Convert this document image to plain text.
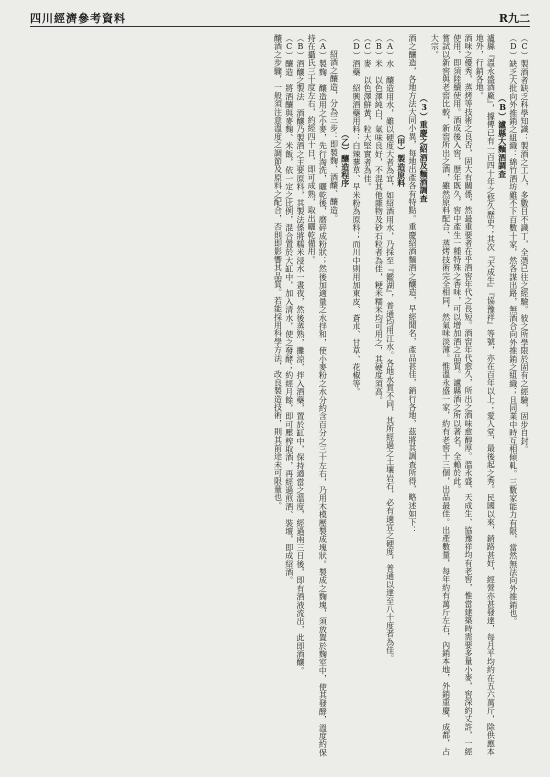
四川經濟參考資料	R九二

（C）製酒者缺乏科學知識：製酒之工人，多數目不識丁，全憑已往之經驗。彼之所學限於固有之經驗，固步自封。

（D）缺乏大批向外推銷之組織：綿竹酒坊雖不下百數十家，然各謀出路，無酒合向外推銷之組織；且同業中時互相傾軋。三數家能力有限，當然無法向外推銷也。

（B）瀘縣大麵酒調查

瀘縣『溫永盛酒廠』，據傳已有一百四十年之悠久歷史；其次『天成生』『協豫祥』等號，亦在百年以上；愛人堂，最後起之秀。民國以來，銷路甚好，經營亦甚發達，每月平均約在五六萬斤，除供應本地外，行銷各地。

酒味之優秀，蒸烤等技術之良否，固大有關係，然最重要者在乎酒窖年代之長短。酒窖年代愈久，所出之酒味愈醇厚。溫永盛、天成生、協豫祥均有老窖，惟當建築時需要多量小麥，窖深約丈許，一經使用，即須陸續使用。酒成後入窖，歷年既久，窖中產生一種特殊之香味，可以增加酒之品質。瀘縣酒之所以著名，全賴於此。

嘗試以新窖與老窖比較，新窖所出之酒，雖然原料配合、蒸烤技術完全相同，然氣味淡薄。惟溫永盛一家，約有老窖十三個，出品最佳。出產數量，每年約有萬斤左右，內銷本地，外銷重慶、成都，占大宗。

（3）重慶之紹酒及麵酒調查

酒之釀造，各地方法大同小異，每地出產各有特點。重慶紹酒麵酒之釀造，早經聞名，產品甚佳，銷行各地，茲將其調查所得，略述如下：

（甲）製造原料

（A）水　釀造用水，雖以硬度大者為宜，如紹酒用水，乃採至『鑑湖』，普通均用江水。各地水質不同，其所經過之土壤岩石，必有適宜之硬度，普通以達至八十度者為佳。

（B）米　以色澤純白，氣味良好，不混其他雜物及砂石粒者為佳，粳米糯米均可用之，其硬度須高。

（C）麥　以色澤鮮黃，粒大堅實者為佳。

（D）酒藥　紹興酒藥用料：白辣蓼草、早米粉為原料；而川中則用加東皮、蒼朮、甘草、花椒等。

（乙）釀造程序

紹酒之釀造，分為三步：即製麴、酒釀、釀造。

（A）製麴　釀造用之小麥，先行淘洗，曬乾後，磨碎成粉狀；然後加適量之水拌和，使小麥粉之水分約含百分之三十左右，乃用木模壓製成塊狀。製成之麴塊，須放置於麴室中，使其發酵，溫度約保持在攝氏三十度左右，約經四十日，即可成熟，取出曬乾備用。

（B）酒釀之製法　酒釀乃製酒之主要原料，其製法係將糯米浸水一晝夜，然後蒸熟，攤涼，拌入酒藥，置於缸中，保持適當之溫度，經過兩三日後，即有酒液流出，此即酒釀。

（C）釀造　將酒釀與麥麴、米飯，依一定之比例，混合置於大缸中，加入清水，使之發酵；約經月餘，即可壓榨取酒，再經過煎酒、裝壇，即成紹酒。

釀酒之步驟，一般須注意溫度之調節及原料之配合，否則即影響其品質。若能採用科學方法，改良製造技術，則其前途未可限量也。
